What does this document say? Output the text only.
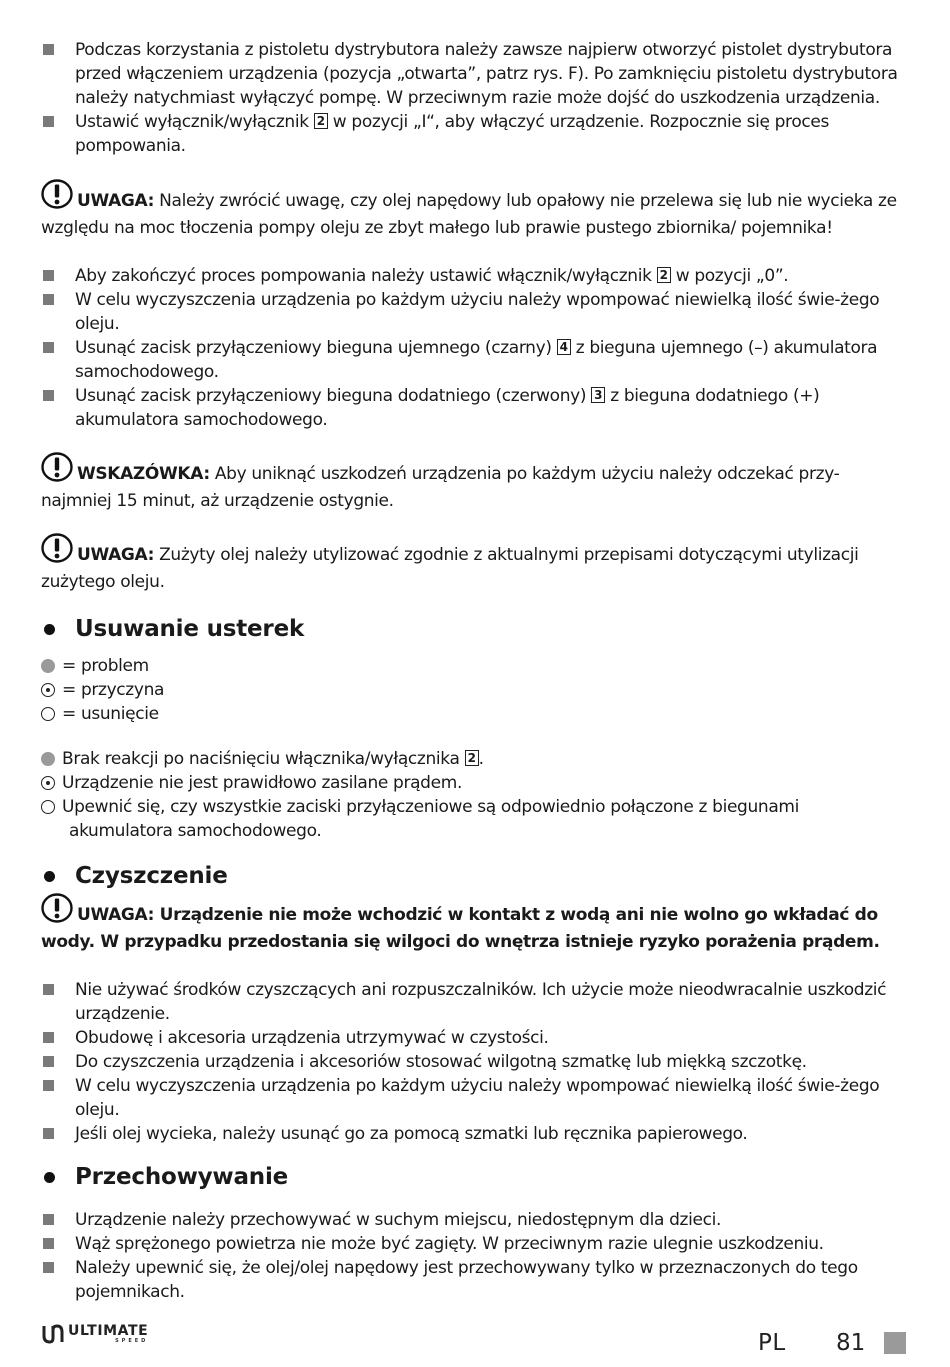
Podczas korzystania z pistoletu dystrybutora należy zawsze najpierw otworzyć pistolet dystrybutora przed włączeniem urządzenia (pozycja „otwarta”, patrz rys. F). Po zamknięciu pistoletu dystrybutora należy natychmiast wyłączyć pompę. W przeciwnym razie może dojść do uszkodzenia urządzenia.
Ustawić wyłącznik/wyłącznik 2 w pozycji „I“, aby włączyć urządzenie. Rozpocznie się proces pompowania.
UWAGA: Należy zwrócić uwagę, czy olej napędowy lub opałowy nie przelewa się lub nie wycieka ze względu na moc tłoczenia pompy oleju ze zbyt małego lub prawie pustego zbiornika/ pojemnika!
Aby zakończyć proces pompowania należy ustawić włącznik/wyłącznik 2 w pozycji „0”.
W celu wyczyszczenia urządzenia po każdym użyciu należy wpompować niewielką ilość świe-żego oleju.
Usunąć zacisk przyłączeniowy bieguna ujemnego (czarny) 4 z bieguna ujemnego (–) akumulatora samochodowego.
Usunąć zacisk przyłączeniowy bieguna dodatniego (czerwony) 3 z bieguna dodatniego (+) akumulatora samochodowego.
WSKAZÓWKA: Aby uniknąć uszkodzeń urządzenia po każdym użyciu należy odczekać przy-najmniej 15 minut, aż urządzenie ostygnie.
UWAGA: Zużyty olej należy utylizować zgodnie z aktualnymi przepisami dotyczącymi utylizacji zużytego oleju.
Usuwanie usterek
= problem
= przyczyna
= usunięcie
Brak reakcji po naciśnięciu włącznika/wyłącznika 2 .
Urządzenie nie jest prawidłowo zasilane prądem.
Upewnić się, czy wszystkie zaciski przyłączeniowe są odpowiednio połączone z biegunami akumulatora samochodowego.
Czyszczenie
UWAGA: Urządzenie nie może wchodzić w kontakt z wodą ani nie wolno go wkładać do wody. W przypadku przedostania się wilgoci do wnętrza istnieje ryzyko porażenia prądem.
Nie używać środków czyszczących ani rozpuszczalników. Ich użycie może nieodwracalnie uszkodzić urządzenie.
Obudowę i akcesoria urządzenia utrzymywać w czystości.
Do czyszczenia urządzenia i akcesoriów stosować wilgotną szmatkę lub miękką szczotkę.
W celu wyczyszczenia urządzenia po każdym użyciu należy wpompować niewielką ilość świe-żego oleju.
Jeśli olej wycieka, należy usunąć go za pomocą szmatki lub ręcznika papierowego.
Przechowywanie
Urządzenie należy przechowywać w suchym miejscu, niedostępnym dla dzieci.
Wąż sprężonego powietrza nie może być zagięty. W przeciwnym razie ulegnie uszkodzeniu.
Należy upewnić się, że olej/olej napędowy jest przechowywany tylko w przeznaczonych do tego pojemnikach.
ULTIMATE
SPEED	PL 81
